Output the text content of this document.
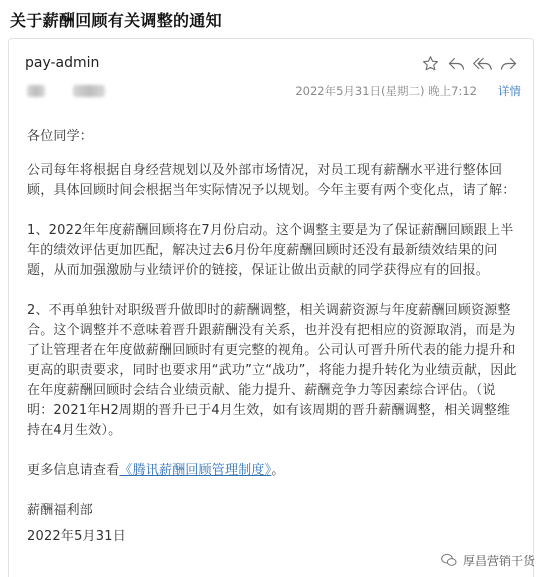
关于薪酬回顾有关调整的通知
pay-admin
2022年5月31日(星期二) 晚上7:12 详情

各位同学：

公司每年将根据自身经营规划以及外部市场情况，对员工现有薪酬水平进行整体回顾，具体回顾时间会根据当年实际情况予以规划。今年主要有两个变化点，请了解：

1、2022年年度薪酬回顾将在7月份启动。这个调整主要是为了保证薪酬回顾跟上半年的绩效评估更加匹配，解决过去6月份年度薪酬回顾时还没有最新绩效结果的问题，从而加强激励与业绩评价的链接，保证让做出贡献的同学获得应有的回报。

2、不再单独针对职级晋升做即时的薪酬调整，相关调薪资源与年度薪酬回顾资源整合。这个调整并不意味着晋升跟薪酬没有关系，也并没有把相应的资源取消，而是为了让管理者在年度做薪酬回顾时有更完整的视角。公司认可晋升所代表的能力提升和更高的职责要求，同时也要求用“武功”立“战功”，将能力提升转化为业绩贡献，因此在年度薪酬回顾时会结合业绩贡献、能力提升、薪酬竞争力等因素综合评估。（说明：2021年H2周期的晋升已于4月生效，如有该周期的晋升薪酬调整，相关调整维持在4月生效）。

更多信息请查看《腾讯薪酬回顾管理制度》。

薪酬福利部
2022年5月31日
厚昌营销干货
